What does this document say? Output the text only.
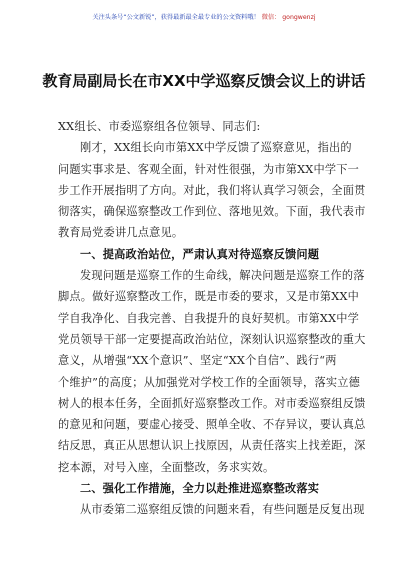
关注头条号“公文新锐”，获得最新最全最专业的公文资料哦！ 微信： gongwenzj
教育局副局长在市XX中学巡察反馈会议上的讲话
XX组长、市委巡察组各位领导、同志们:
刚才，XX组长向市第XX中学反馈了巡察意见，指出的
问题实事求是、客观全面，针对性很强，为市第XX中学下一
步工作开展指明了方向。对此，我们将认真学习领会，全面贯
彻落实，确保巡察整改工作到位、落地见效。下面，我代表市
教育局党委讲几点意见。
一、提高政治站位，严肃认真对待巡察反馈问题
发现问题是巡察工作的生命线，解决问题是巡察工作的落
脚点。做好巡察整改工作，既是市委的要求，又是市第XX中
学自我净化、自我完善、自我提升的良好契机。市第XX中学
党员领导干部一定要提高政治站位，深刻认识巡察整改的重大
意义，从增强“XX个意识”、坚定“XX个自信”、践行“两
个维护”的高度；从加强党对学校工作的全面领导，落实立德
树人的根本任务，全面抓好巡察整改工作。对市委巡察组反馈
的意见和问题，要虚心接受、照单全收、不存异议，要认真总
结反思，真正从思想认识上找原因，从责任落实上找差距，深
挖本源，对号入座，全面整改，务求实效。
二、强化工作措施，全力以赴推进巡察整改落实
从市委第二巡察组反馈的问题来看，有些问题是反复出现
